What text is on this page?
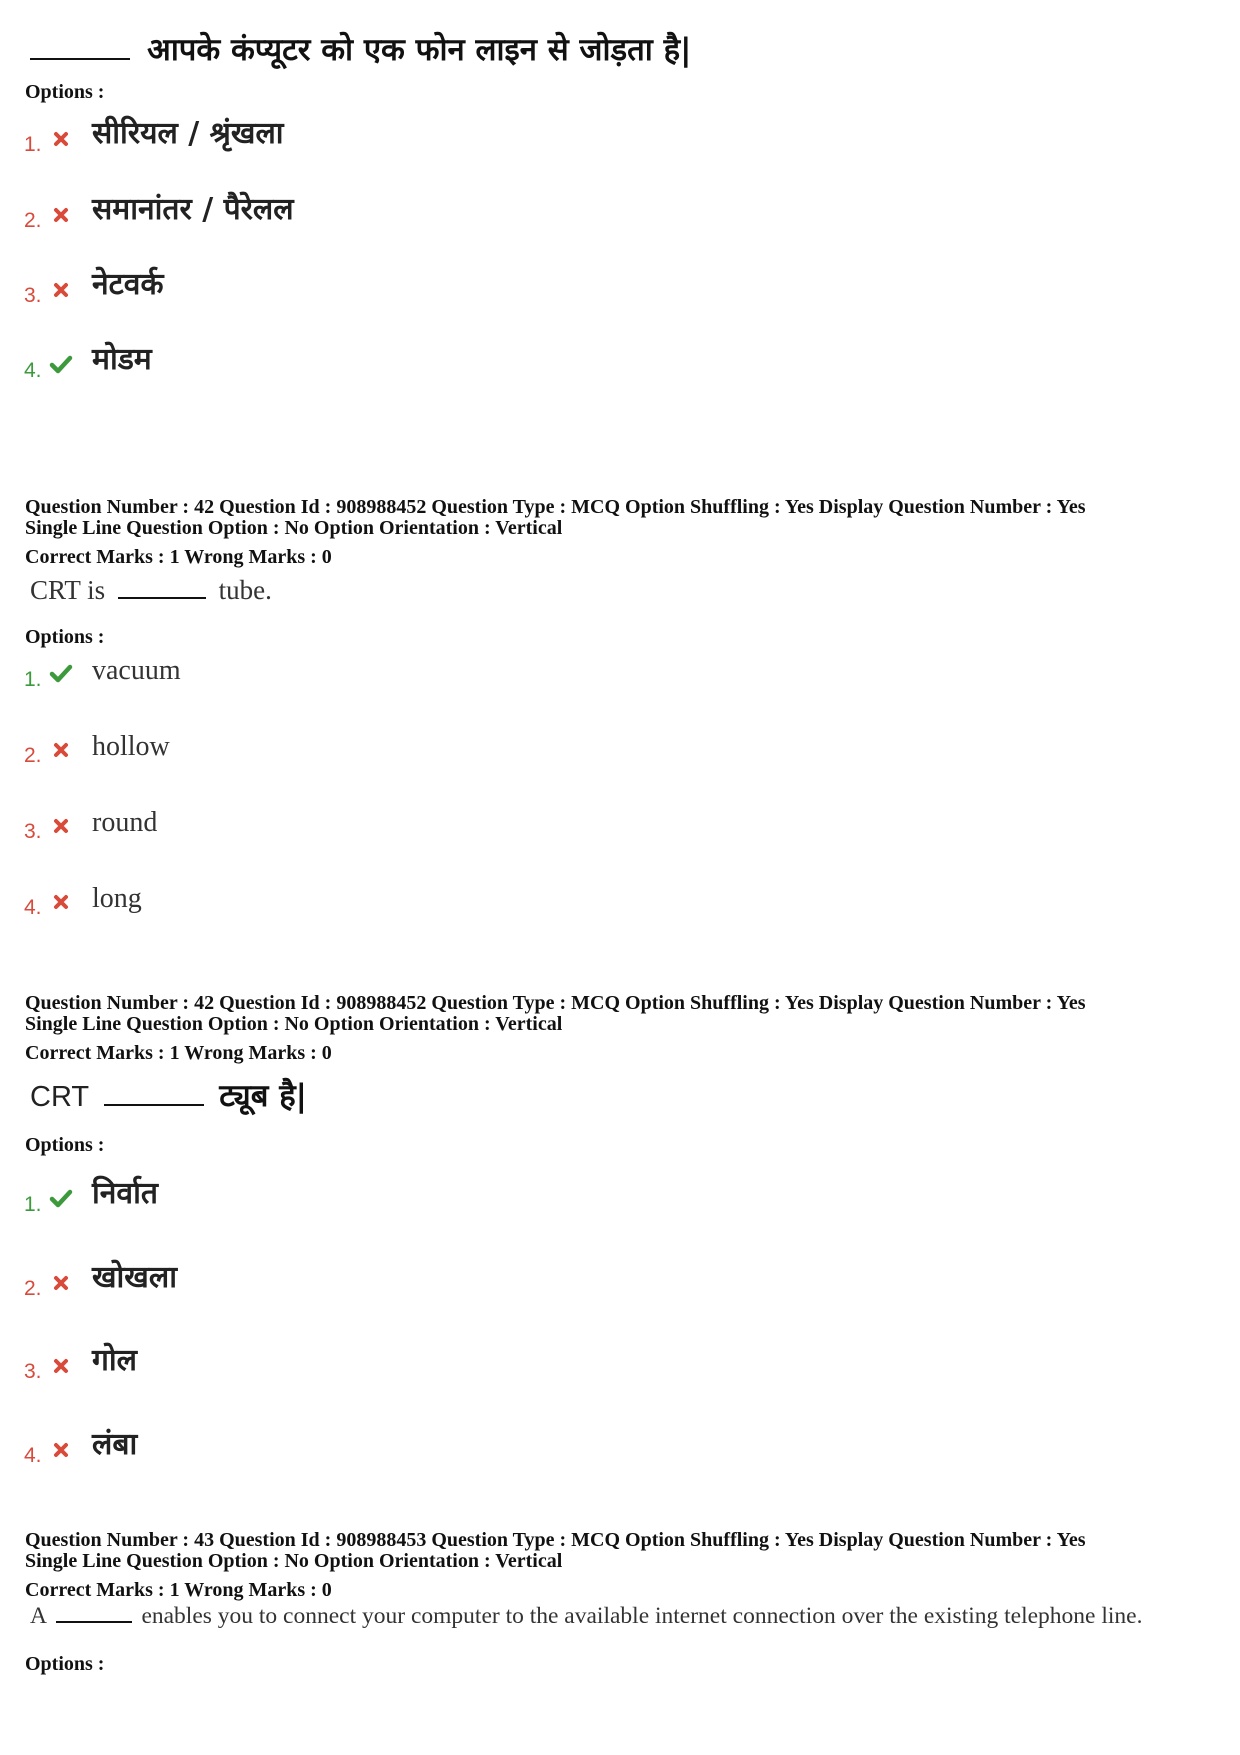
आपके कंप्यूटर को एक फोन लाइन से जोड़ता है|
Options :
1. सीरियल / श्रृंखला
2. समानांतर / पैरेलल
3. नेटवर्क
4. मोडम
Question Number : 42 Question Id : 908988452 Question Type : MCQ Option Shuffling : Yes Display Question Number : Yes
Single Line Question Option : No Option Orientation : Vertical
Correct Marks : 1 Wrong Marks : 0
CRT is	tube.
Options :
1. vacuum
2. hollow
3. round
4. long
Question Number : 42 Question Id : 908988452 Question Type : MCQ Option Shuffling : Yes Display Question Number : Yes
Single Line Question Option : No Option Orientation : Vertical
Correct Marks : 1 Wrong Marks : 0
CRT	ट्यूब है|
Options :
1. निर्वात
2. खोखला
3. गोल
4. लंबा
Question Number : 43 Question Id : 908988453 Question Type : MCQ Option Shuffling : Yes Display Question Number : Yes
Single Line Question Option : No Option Orientation : Vertical
Correct Marks : 1 Wrong Marks : 0
A	enables you to connect your computer to the available internet connection over the existing telephone line.
Options :
